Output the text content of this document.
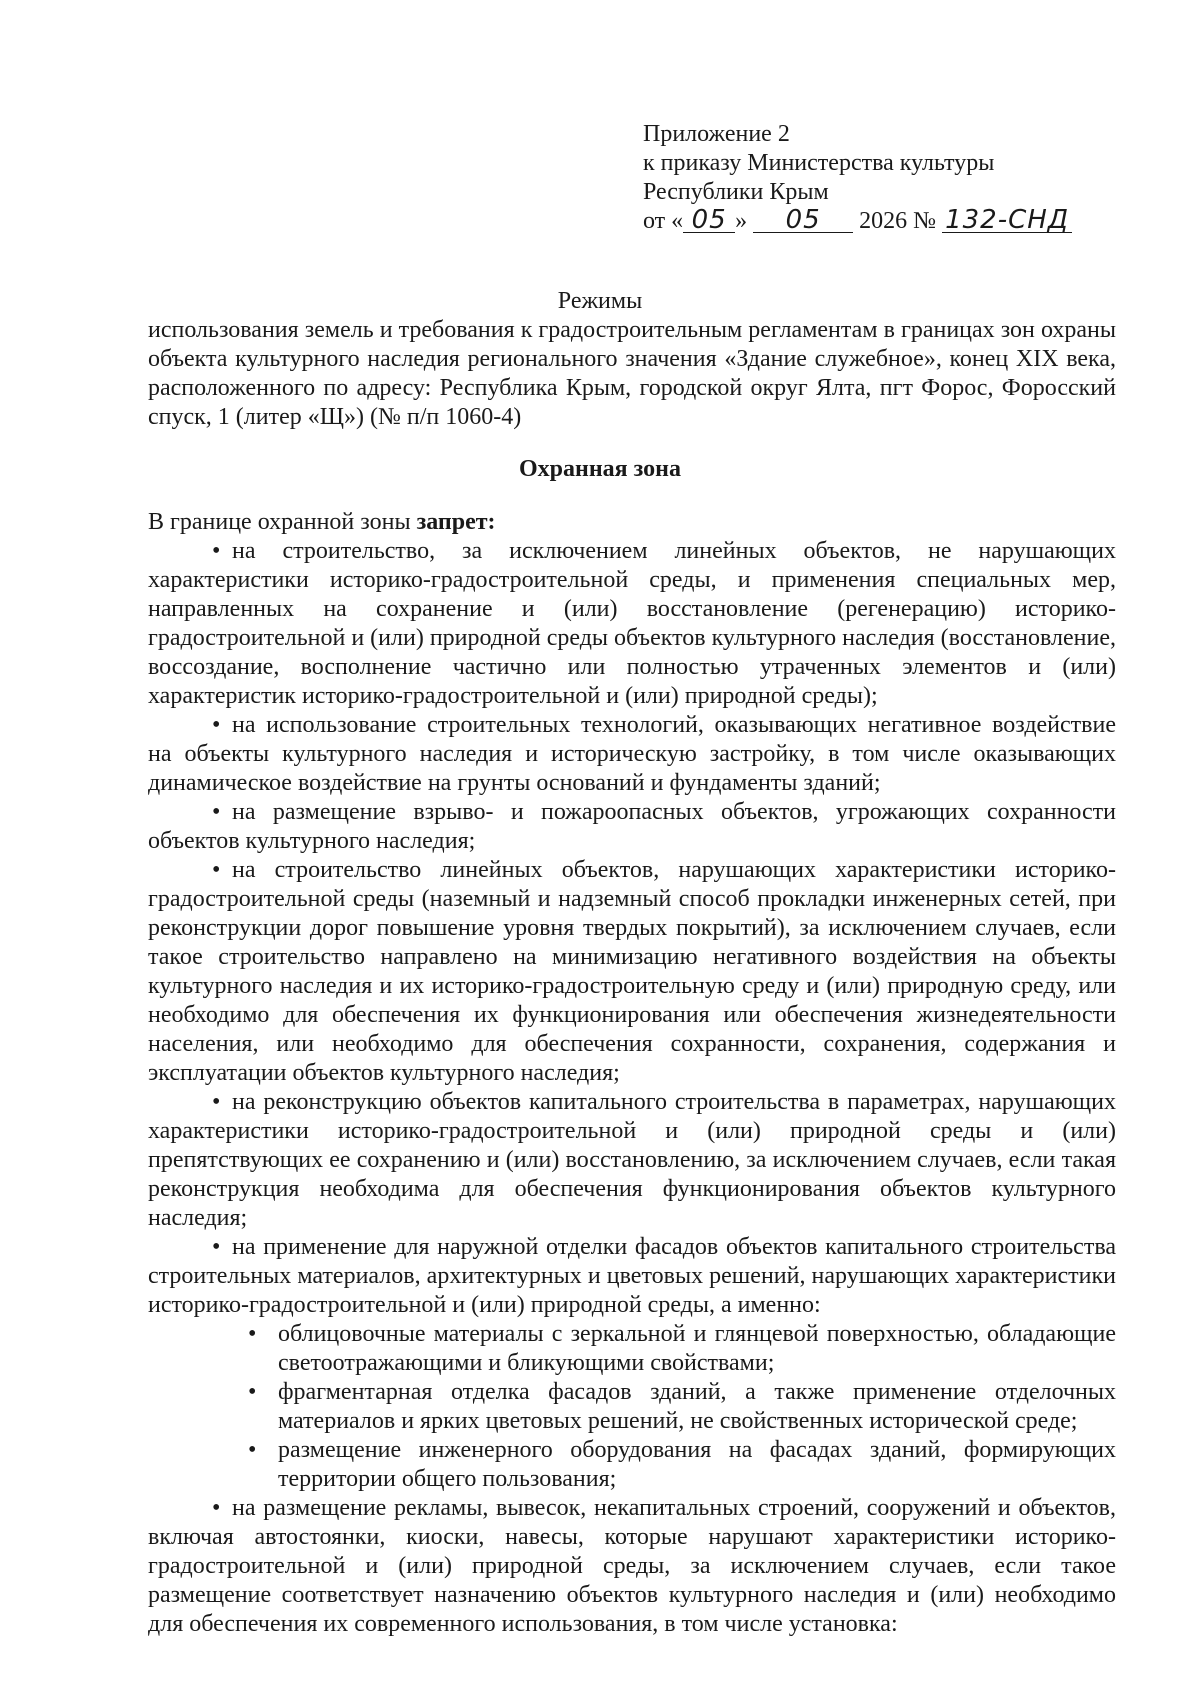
Приложение 2
к приказу Министерства культуры
Республики Крым
от « 05 » 05 2026 № 132-СНД
Режимы

использования земель и требования к градостроительным регламентам в границах зон охраны объекта культурного наследия регионального значения «Здание служебное», конец XIX века, расположенного по адресу: Республика Крым, городской округ Ялта, пгт Форос, Форосский спуск, 1 (литер «Щ») (№ п/п 1060-4)

Охранная зона

В границе охранной зоны запрет:

• на строительство, за исключением линейных объектов, не нарушающих характеристики историко-градостроительной среды, и применения специальных мер, направленных на сохранение и (или) восстановление (регенерацию) историко-градостроительной и (или) природной среды объектов культурного наследия (восстановление, воссоздание, восполнение частично или полностью утраченных элементов и (или) характеристик историко-градостроительной и (или) природной среды);

• на использование строительных технологий, оказывающих негативное воздействие на объекты культурного наследия и историческую застройку, в том числе оказывающих динамическое воздействие на грунты оснований и фундаменты зданий;

• на размещение взрыво- и пожароопасных объектов, угрожающих сохранности объектов культурного наследия;

• на строительство линейных объектов, нарушающих характеристики историко-градостроительной среды (наземный и надземный способ прокладки инженерных сетей, при реконструкции дорог повышение уровня твердых покрытий), за исключением случаев, если такое строительство направлено на минимизацию негативного воздействия на объекты культурного наследия и их историко-градостроительную среду и (или) природную среду, или необходимо для обеспечения их функционирования или обеспечения жизнедеятельности населения, или необходимо для обеспечения сохранности, сохранения, содержания и эксплуатации объектов культурного наследия;

• на реконструкцию объектов капитального строительства в параметрах, нарушающих характеристики историко-градостроительной и (или) природной среды и (или) препятствующих ее сохранению и (или) восстановлению, за исключением случаев, если такая реконструкция необходима для обеспечения функционирования объектов культурного наследия;

• на применение для наружной отделки фасадов объектов капитального строительства строительных материалов, архитектурных и цветовых решений, нарушающих характеристики историко-градостроительной и (или) природной среды, а именно:

• облицовочные материалы с зеркальной и глянцевой поверхностью, обладающие светоотражающими и бликующими свойствами;
• фрагментарная отделка фасадов зданий, а также применение отделочных материалов и ярких цветовых решений, не свойственных исторической среде;
• размещение инженерного оборудования на фасадах зданий, формирующих территории общего пользования;

• на размещение рекламы, вывесок, некапитальных строений, сооружений и объектов, включая автостоянки, киоски, навесы, которые нарушают характеристики историко-градостроительной и (или) природной среды, за исключением случаев, если такое размещение соответствует назначению объектов культурного наследия и (или) необходимо для обеспечения их современного использования, в том числе установка:
